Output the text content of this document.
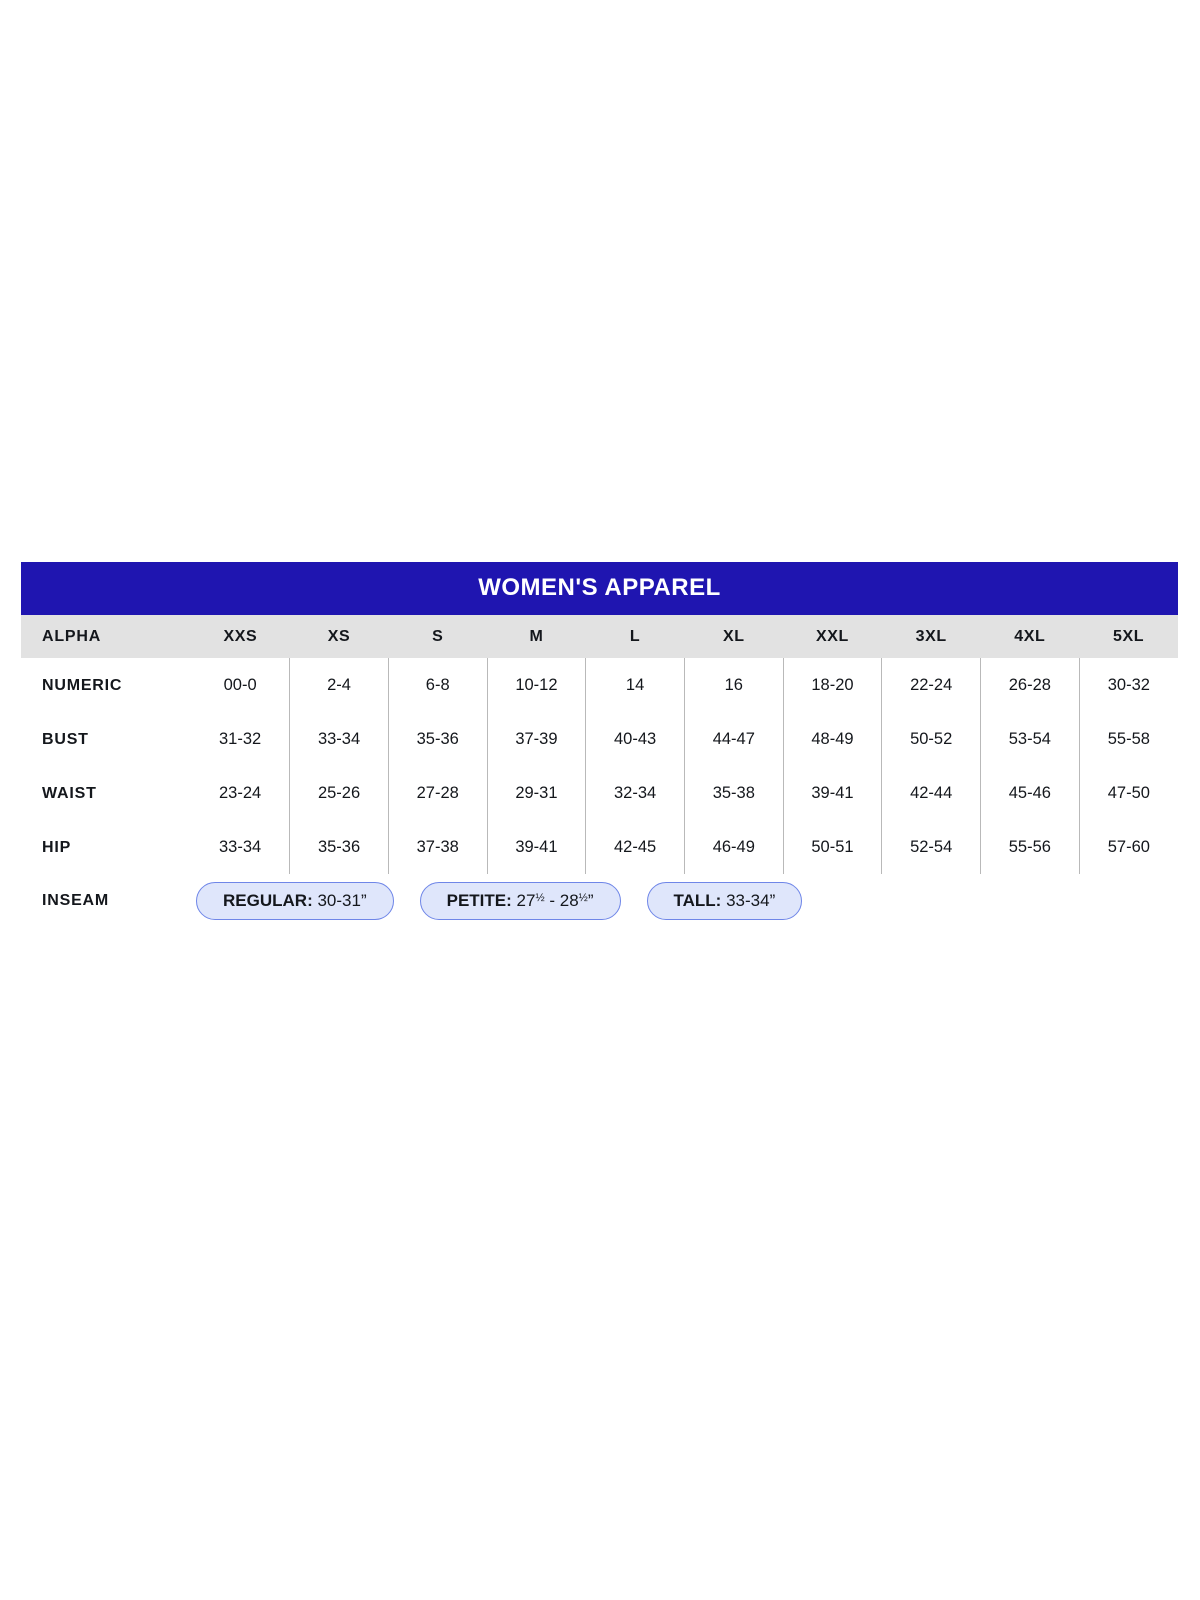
WOMEN'S APPAREL
ALPHA	XXS	XS	S	M	L	XL	XXL	3XL	4XL	5XL
NUMERIC	00-0	2-4	6-8	10-12	14	16	18-20	22-24	26-28	30-32
BUST	31-32	33-34	35-36	37-39	40-43	44-47	48-49	50-52	53-54	55-58
WAIST	23-24	25-26	27-28	29-31	32-34	35-38	39-41	42-44	45-46	47-50
HIP	33-34	35-36	37-38	39-41	42-45	46-49	50-51	52-54	55-56	57-60
INSEAM	REGULAR: 30-31” PETITE: $27^{\frac{1}{2}} - 28^{\frac{1}{2}}$” TALL: 33-34”									
